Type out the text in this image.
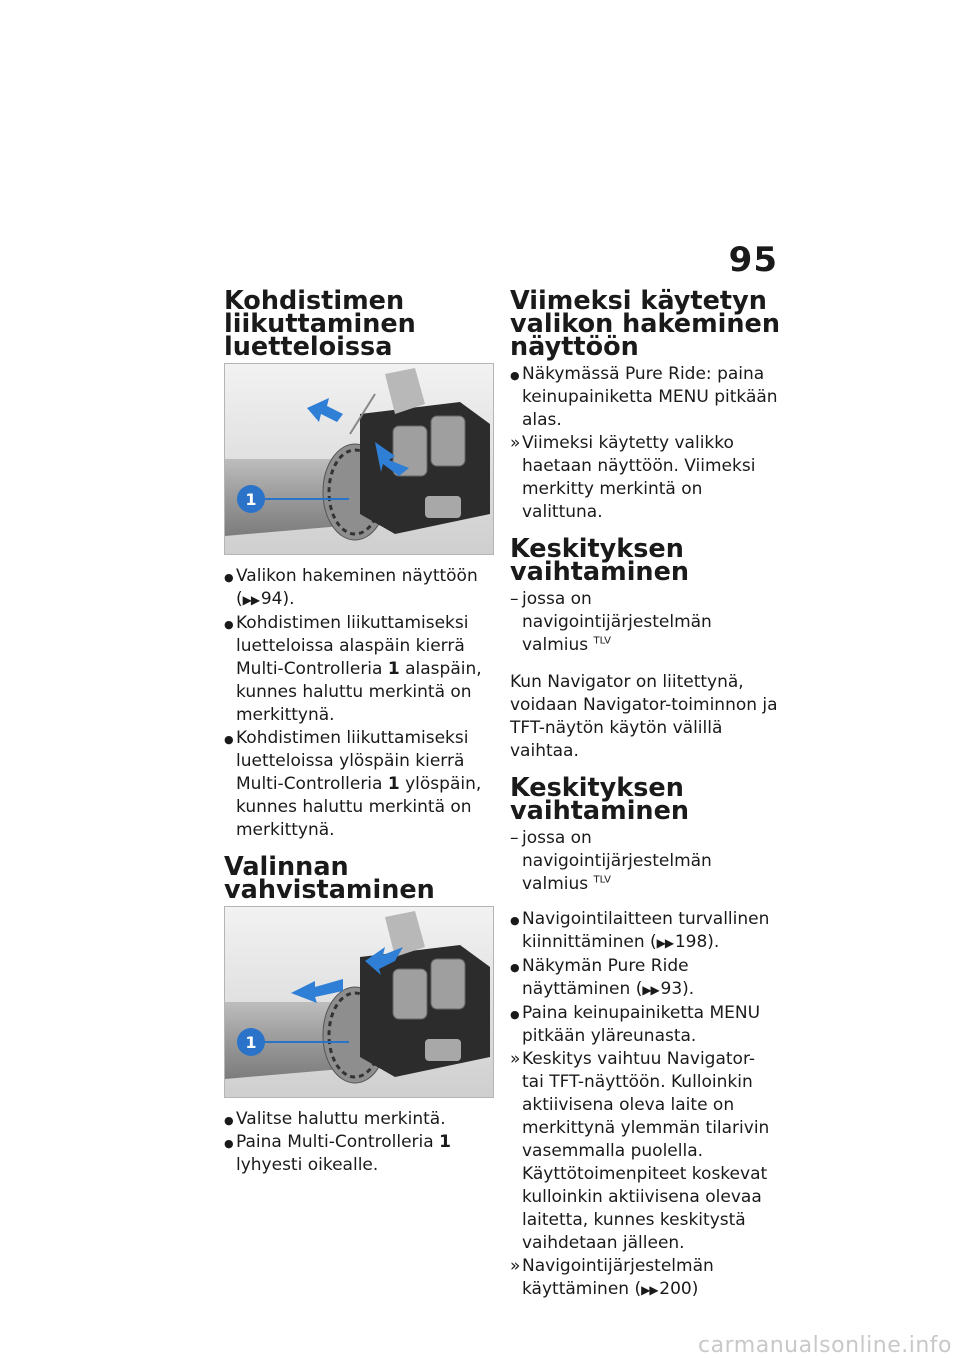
95
Kohdistimen liikuttaminen luetteloissa
1

● Valikon hakeminen näyttöön
(▶▶  94).

● Kohdistimen liikuttamiseksi luetteloissa alaspäin kierrä Multi-Controlleria 1 alaspäin, kunnes haluttu merkintä on merkittynä.

● Kohdistimen liikuttamiseksi luetteloissa ylöspäin kierrä Multi-Controlleria 1 ylöspäin, kunnes haluttu merkintä on merkittynä.

Valinnan vahvistaminen
1

● Valitse haluttu merkintä.

● Paina Multi-Controlleria 1 lyhyesti oikealle.

Viimeksi käytetyn valikon hakeminen näyttöön

● Näkymässä Pure Ride: paina keinupainiketta MENU pitkään alas.

» Viimeksi käytetty valikko haetaan näyttöön. Viimeksi merkitty merkintä on valittuna.

Keskityksen vaihtaminen

– jossa on navigointijärjestelmän valmius $^{TLV}$

Kun Navigator on liitettynä, voidaan Navigator-toiminnon ja TFT-näytön käytön välillä vaihtaa.

Keskityksen vaihtaminen

– jossa on navigointijärjestelmän valmius $^{TLV}$

● Navigointilaitteen turvallinen kiinnittäminen (▶▶  198).

● Näkymän Pure Ride näyttäminen (▶▶  93).

● Paina keinupainiketta MENU pitkään yläreunasta.

» Keskitys vaihtuu Navigator- tai TFT-näyttöön. Kulloinkin aktiivisena oleva laite on merkittynä ylemmän tilarivin vasemmalla puolella. Käyttötoimenpiteet koskevat kulloinkin aktiivisena olevaa laitetta, kunnes keskitystä vaihdetaan jälleen.

» Navigointijärjestelmän käyttäminen (▶▶  200)

carmanualsonline.info
